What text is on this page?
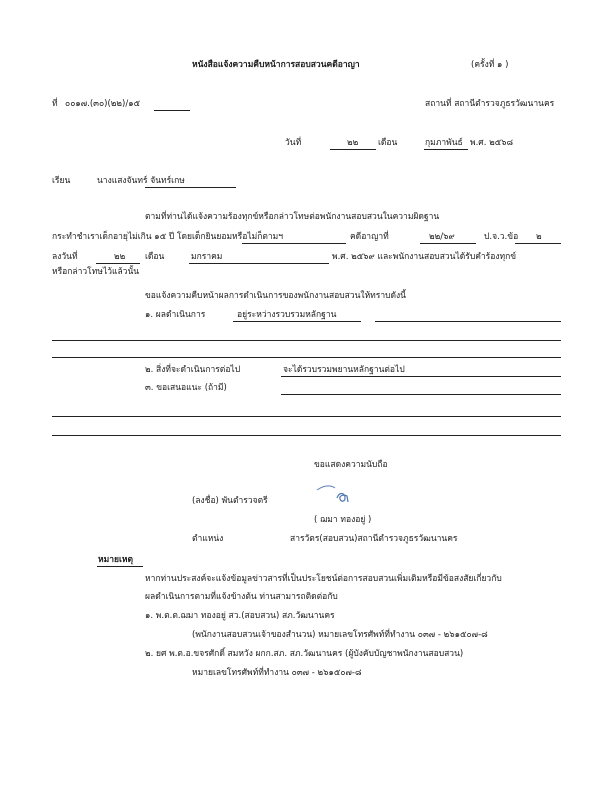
หนังสือแจ้งความคืบหน้าการสอบสวนคดีอาญา	(ครั้งที่ ๑ )
ที่ ๐๐๑๗.(๓๐)(๒๒)/๑๕	สถานที่ สถานีตำรวจภูธรวัฒนานคร
วันที่	๒๒ เดือน	กุมภาพันธ์ พ.ศ. ๒๕๖๘
เรียน	นางแสงจันทร์ จันทร์เกษ
ตามที่ท่านได้แจ้งความร้องทุกข์หรือกล่าวโทษต่อพนักงานสอบสวนในความผิดฐาน
กระทำชำเราเด็กอายุไม่เกิน ๑๕ ปี โดยเด็กยินยอมหรือไม่ก็ตามฯ	คดีอาญาที่	๒๒/๖๙	ป.จ.ว.ข้อ ๒
ลงวันที่	๒๒ เดือน	มกราคม	พ.ศ. ๒๕๖๙ และพนักงานสอบสวนได้รับคำร้องทุกข์
หรือกล่าวโทษไว้แล้วนั้น
ขอแจ้งความคืบหน้าผลการดำเนินการของพนักงานสอบสวนให้ทราบดังนี้
๑. ผลดำเนินการ	อยู่ระหว่างรวบรวมหลักฐาน
๒. สิ่งที่จะดำเนินการต่อไป	จะได้รวบรวมพยานหลักฐานต่อไป
๓. ขอเสนอแนะ (ถ้ามี)
ขอแสดงความนับถือ
(ลงชื่อ) พันตำรวจตรี
( ฌมา ทองอยู่ )
ตำแหน่ง	สารวัตร(สอบสวน)สถานีตำรวจภูธรวัฒนานคร
หมายเหตุ
หากท่านประสงค์จะแจ้งข้อมูลข่าวสารที่เป็นประโยชน์ต่อการสอบสวนเพิ่มเติมหรือมีข้อสงสัยเกี่ยวกับ
ผลดำเนินการตามที่แจ้งข้างต้น ท่านสามารถติดต่อกับ
๑. พ.ต.ต.ฌมา ทองอยู่ สว.(สอบสวน) สภ.วัฒนานคร
(พนักงานสอบสวนเจ้าของสำนวน) หมายเลขโทรศัพท์ที่ทำงาน ๐๓๗ - ๒๖๑๕๐๗-๘
๒. ยศ พ.ต.อ.ขจรศักดิ์ สมหวัง ผกก.สภ. สภ.วัฒนานคร (ผู้บังคับบัญชาพนักงานสอบสวน)
หมายเลขโทรศัพท์ที่ทำงาน ๐๓๗ - ๒๖๑๕๐๗-๘
